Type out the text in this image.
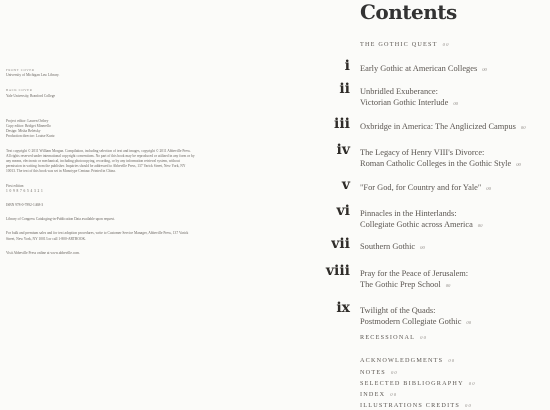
FRONT COVER
University of Michigan Law Library.
BACK COVER
Yale University, Branford College
Project editor: Lauren Orthey
Copy editor: Bridget Minerello
Design: Misha Beletsky
Production director: Louise Kurtz
Text copyright © 2011 William Morgan. Compilation, including selection of text and images, copyright © 2011 Abbeville Press. All rights reserved under international copyright conventions. No part of this book may be reproduced or utilized in any form or by any means, electronic or mechanical, including photocopying, recording, or by any information retrieval system, without permission in writing from the publisher. Inquiries should be addressed to Abbeville Press, 137 Varick Street, New York, NY 10013. The text of this book was set in Monotype Centaur. Printed in China.
First edition
1 0 9 8 7 6 5 4 3 2 1
ISBN 978-0-7892-1468-3
Library of Congress Cataloging-in-Publication Data available upon request.
For bulk and premium sales and for text adoption procedures, write to Customer Service Manager, Abbeville Press, 137 Varick Street, New York, NY 10013 or call 1-800-ARTBOOK.
Visit Abbeville Press online at www.abbeville.com.
Contents
THE GOTHIC QUEST 00
i Early Gothic at American Colleges 00
ii Unbridled Exuberance:
Victorian Gothic Interlude 00
iii Oxbridge in America: The Anglicized Campus 00
iv The Legacy of Henry VIII's Divorce:
Roman Catholic Colleges in the Gothic Style 00
v "For God, for Country and for Yale" 00
vi Pinnacles in the Hinterlands:
Collegiate Gothic across America 00
vii Southern Gothic 00
viii Pray for the Peace of Jerusalem:
The Gothic Prep School 00
ix Twilight of the Quads:
Postmodern Collegiate Gothic 00
RECESSIONAL 00
ACKNOWLEDGMENTS 00
NOTES 00
SELECTED BIBLIOGRAPHY 00
INDEX 00
ILLUSTRATIONS CREDITS 00
